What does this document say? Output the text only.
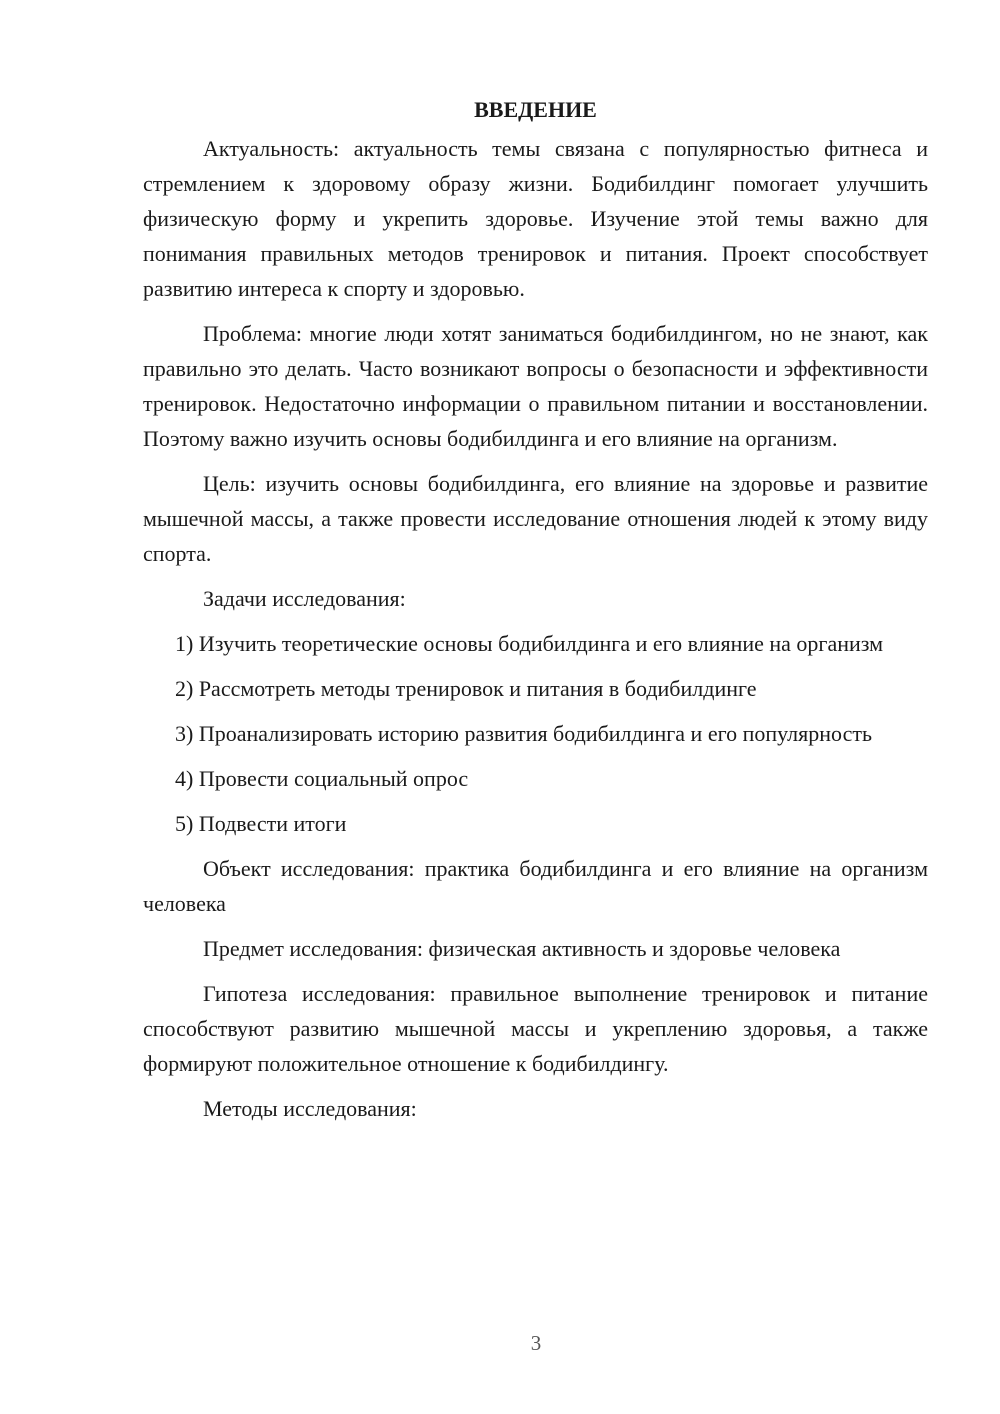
ВВЕДЕНИЕ

Актуальность: актуальность темы связана с популярностью фитнеса и стремлением к здоровому образу жизни. Бодибилдинг помогает улучшить физическую форму и укрепить здоровье. Изучение этой темы важно для понимания правильных методов тренировок и питания. Проект способствует развитию интереса к спорту и здоровью.

Проблема: многие люди хотят заниматься бодибилдингом, но не знают, как правильно это делать. Часто возникают вопросы о безопасности и эффективности тренировок. Недостаточно информации о правильном питании и восстановлении. Поэтому важно изучить основы бодибилдинга и его влияние на организм.

Цель: изучить основы бодибилдинга, его влияние на здоровье и развитие мышечной массы, а также провести исследование отношения людей к этому виду спорта.

Задачи исследования:

1) Изучить теоретические основы бодибилдинга и его влияние на организм

2) Рассмотреть методы тренировок и питания в бодибилдинге

3) Проанализировать историю развития бодибилдинга и его популярность

4) Провести социальный опрос

5) Подвести итоги

Объект исследования: практика бодибилдинга и его влияние на организм человека

Предмет исследования: физическая активность и здоровье человека

Гипотеза исследования: правильное выполнение тренировок и питание способствуют развитию мышечной массы и укреплению здоровья, а также формируют положительное отношение к бодибилдингу.

Методы исследования:

3
